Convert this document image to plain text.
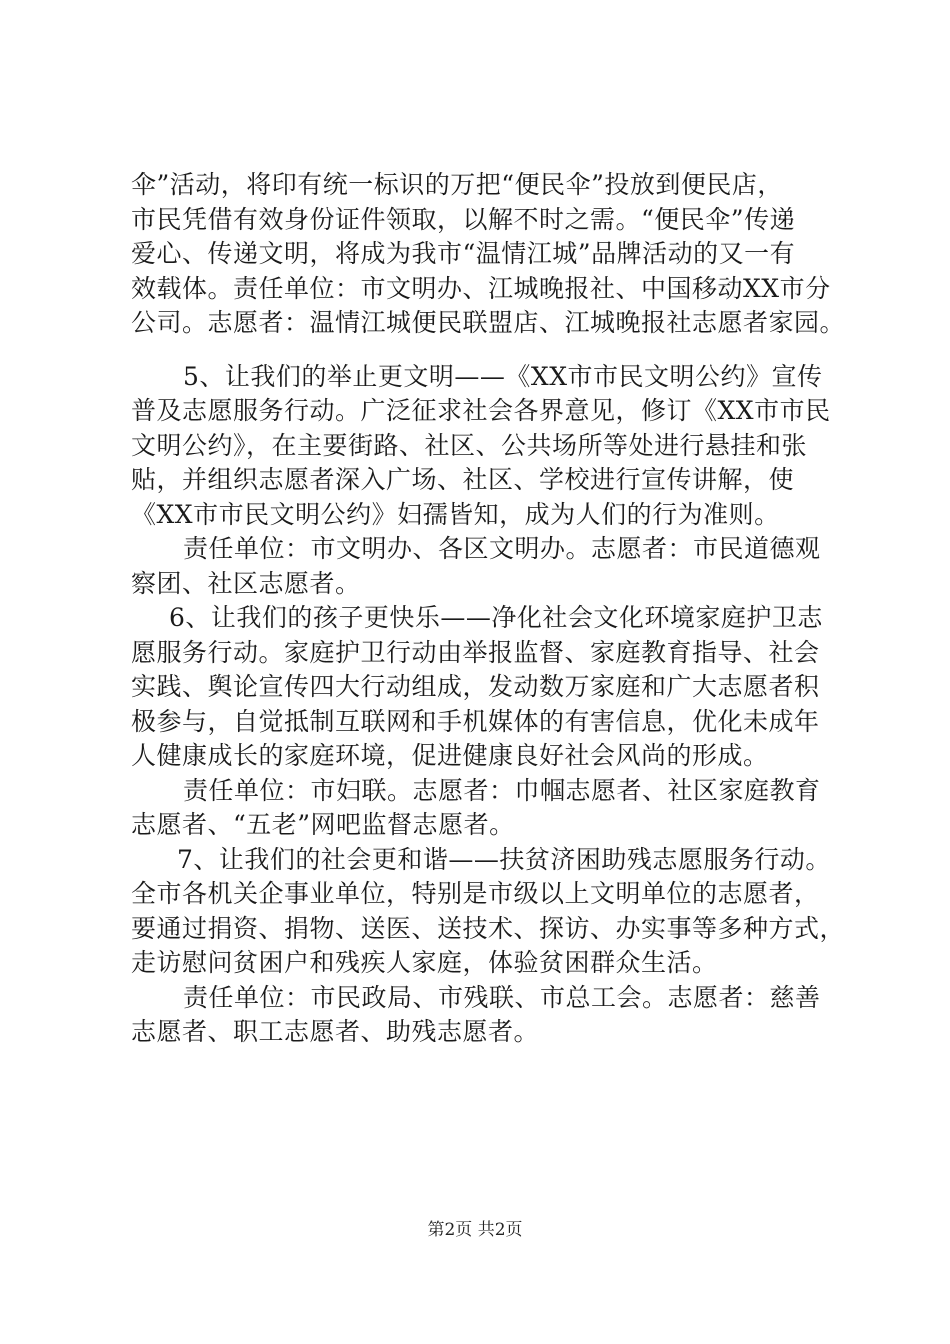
伞”活动，将印有统一标识的万把“便民伞”投放到便民店，
市民凭借有效身份证件领取，以解不时之需。“便民伞”传递
爱心、传递文明，将成为我市“温情江城”品牌活动的又一有
效载体。责任单位：市文明办、江城晚报社、中国移动XX市分
公司。志愿者：温情江城便民联盟店、江城晚报社志愿者家园。
5、让我们的举止更文明——《XX市市民文明公约》宣传
普及志愿服务行动。广泛征求社会各界意见，修订《XX市市民
文明公约》，在主要街路、社区、公共场所等处进行悬挂和张
贴，并组织志愿者深入广场、社区、学校进行宣传讲解，使
《XX市市民文明公约》妇孺皆知，成为人们的行为准则。
责任单位：市文明办、各区文明办。志愿者：市民道德观
察团、社区志愿者。
6、让我们的孩子更快乐——净化社会文化环境家庭护卫志
愿服务行动。家庭护卫行动由举报监督、家庭教育指导、社会
实践、舆论宣传四大行动组成，发动数万家庭和广大志愿者积
极参与，自觉抵制互联网和手机媒体的有害信息，优化未成年
人健康成长的家庭环境，促进健康良好社会风尚的形成。
责任单位：市妇联。志愿者：巾帼志愿者、社区家庭教育
志愿者、“五老”网吧监督志愿者。
7、让我们的社会更和谐——扶贫济困助残志愿服务行动。
全市各机关企事业单位，特别是市级以上文明单位的志愿者，
要通过捐资、捐物、送医、送技术、探访、办实事等多种方式，
走访慰问贫困户和残疾人家庭，体验贫困群众生活。
责任单位：市民政局、市残联、市总工会。志愿者：慈善
志愿者、职工志愿者、助残志愿者。
第2页 共2页
